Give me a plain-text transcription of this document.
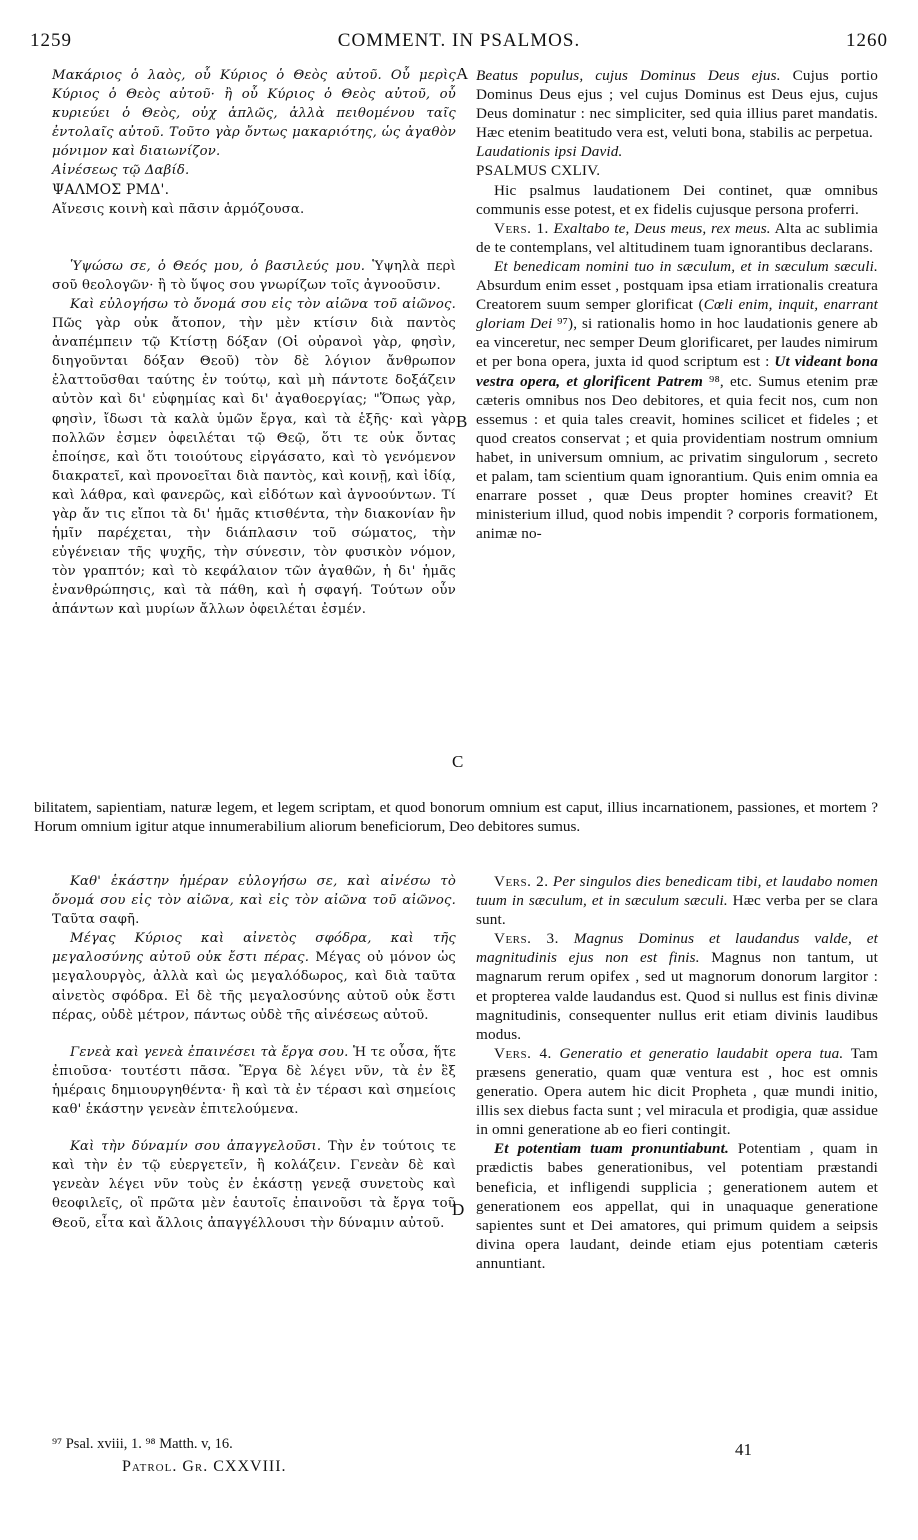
1259	COMMENT. IN PSALMOS.	1260
A
B
C
D

Μακάριος ὁ λαὸς, οὗ Κύριος ὁ Θεὸς αὐτοῦ. Οὗ μερὶς Κύριος ὁ Θεὸς αὐτοῦ· ἢ οὗ Κύριος ὁ Θεὸς αὐτοῦ, οὗ κυριεύει ὁ Θεὸς, οὐχ ἁπλῶς, ἀλλὰ πειθομένου ταῖς ἐντολαῖς αὐτοῦ. Τοῦτο γὰρ ὄντως μακαριότης, ὡς ἀγαθὸν μόνιμον καὶ διαιωνίζον.

Αἰνέσεως τῷ Δαβίδ.

ΨΑΛΜΟΣ ΡΜΔ'.

Αἴνεσις κοινὴ καὶ πᾶσιν ἁρμόζουσα.

Ὑψώσω σε, ὁ Θεός μου, ὁ βασιλεύς μου. Ὑψηλὰ περὶ σοῦ θεολογῶν· ἢ τὸ ὕψος σου γνωρίζων τοῖς ἀγνοοῦσιν.

Καὶ εὐλογήσω τὸ ὄνομά σου εἰς τὸν αἰῶνα τοῦ αἰῶνος. Πῶς γὰρ οὐκ ἄτοπον, τὴν μὲν κτίσιν διὰ παντὸς ἀναπέμπειν τῷ Κτίστῃ δόξαν (Οἱ οὐρανοὶ γὰρ, φησὶν, διηγοῦνται δόξαν Θεοῦ) τὸν δὲ λόγιον ἄνθρωπον ἐλαττοῦσθαι ταύτης ἐν τούτῳ, καὶ μὴ πάντοτε δοξάζειν αὐτὸν καὶ δι' εὐφημίας καὶ δι' ἀγαθοεργίας; "Ὅπως γὰρ, φησὶν, ἴδωσι τὰ καλὰ ὑμῶν ἔργα, καὶ τὰ ἑξῆς· καὶ γὰρ πολλῶν ἐσμεν ὀφειλέται τῷ Θεῷ, ὅτι τε οὐκ ὄντας ἐποίησε, καὶ ὅτι τοιούτους εἰργάσατο, καὶ τὸ γενόμενον διακρατεῖ, καὶ προνοεῖται διὰ παντὸς, καὶ κοινῇ, καὶ ἰδίᾳ, καὶ λάθρα, καὶ φανερῶς, καὶ εἰδότων καὶ ἀγνοούντων. Τί γὰρ ἄν τις εἴποι τὰ δι' ἡμᾶς κτισθέντα, τὴν διακονίαν ἣν ἡμῖν παρέχεται, τὴν διάπλασιν τοῦ σώματος, τὴν εὐγένειαν τῆς ψυχῆς, τὴν σύνεσιν, τὸν φυσικὸν νόμον, τὸν γραπτόν; καὶ τὸ κεφάλαιον τῶν ἀγαθῶν, ἡ δι' ἡμᾶς ἐνανθρώπησις, καὶ τὰ πάθη, καὶ ἡ σφαγή. Τούτων οὖν ἁπάντων καὶ μυρίων ἄλλων ὀφειλέται ἐσμέν.

Beatus populus, cujus Dominus Deus ejus. Cujus portio Dominus Deus ejus ; vel cujus Dominus est Deus ejus, cujus Deus dominatur : nec simpliciter, sed quia illius paret mandatis. Hæc etenim beatitudo vera est, veluti bona, stabilis ac perpetua.

Laudationis ipsi David.

PSALMUS CXLIV.

Hic psalmus laudationem Dei continet, quæ omnibus communis esse potest, et ex fidelis cujusque persona proferri.

Vers. 1. Exaltabo te, Deus meus, rex meus. Alta ac sublimia de te contemplans, vel altitudinem tuam ignorantibus declarans.

Et benedicam nomini tuo in sæculum, et in sæculum sæculi. Absurdum enim esset , postquam ipsa etiam irrationalis creatura Creatorem suum semper glorificat (Cœli enim, inquit, enarrant gloriam Dei ⁹⁷), si rationalis homo in hoc laudationis genere ab ea vinceretur, nec semper Deum glorificaret, per laudes nimirum et per bona opera, juxta id quod scriptum est : Ut videant bona vestra opera, et glorificent Patrem ⁹⁸, etc. Sumus etenim præ cæteris omnibus nos Deo debitores, et quia fecit nos, cum non essemus : et quia tales creavit, homines scilicet et fideles ; et quod creatos conservat ; et quia providentiam nostrum omnium habet, in universum omnium, ac privatim singulorum , secreto et palam, tam scientium quam ignorantium. Quis enim omnia ea enarrare posset , quæ Deus propter homines creavit? Et ministerium illud, quod nobis impendit ? corporis formationem, animæ no-

bilitatem, sapientiam, naturæ legem, et legem scriptam, et quod bonorum omnium est caput, illius incarnationem, passiones, et mortem ? Horum omnium igitur atque innumerabilium aliorum beneficiorum, Deo debitores sumus.

Καθ' ἑκάστην ἡμέραν εὐλογήσω σε, καὶ αἰνέσω τὸ ὄνομά σου εἰς τὸν αἰῶνα, καὶ εἰς τὸν αἰῶνα τοῦ αἰῶνος. Ταῦτα σαφῆ.

Μέγας Κύριος καὶ αἰνετὸς σφόδρα, καὶ τῆς μεγαλοσύνης αὐτοῦ οὐκ ἔστι πέρας. Μέγας οὐ μόνον ὡς μεγαλουργὸς, ἀλλὰ καὶ ὡς μεγαλόδωρος, καὶ διὰ ταῦτα αἰνετὸς σφόδρα. Εἰ δὲ τῆς μεγαλοσύνης αὐτοῦ οὐκ ἔστι πέρας, οὐδὲ μέτρον, πάντως οὐδὲ τῆς αἰνέσεως αὐτοῦ.

Γενεὰ καὶ γενεὰ ἐπαινέσει τὰ ἔργα σου. Ἡ τε οὖσα, ἥτε ἐπιοῦσα· τουτέστι πᾶσα. Ἔργα δὲ λέγει νῦν, τὰ ἐν ἓξ ἡμέραις δημιουργηθέντα· ἢ καὶ τὰ ἐν τέρασι καὶ σημείοις καθ' ἑκάστην γενεὰν ἐπιτελούμενα.

Καὶ τὴν δύναμίν σου ἀπαγγελοῦσι. Τὴν ἐν τούτοις τε καὶ τὴν ἐν τῷ εὐεργετεῖν, ἢ κολάζειν. Γενεὰν δὲ καὶ γενεὰν λέγει νῦν τοὺς ἐν ἑκάστῃ γενεᾷ συνετοὺς καὶ θεοφιλεῖς, οἳ πρῶτα μὲν ἑαυτοῖς ἐπαινοῦσι τὰ ἔργα τοῦ Θεοῦ, εἶτα καὶ ἄλλοις ἀπαγγέλλουσι τὴν δύναμιν αὐτοῦ.

Vers. 2. Per singulos dies benedicam tibi, et laudabo nomen tuum in sæculum, et in sæculum sæculi. Hæc verba per se clara sunt.

Vers. 3. Magnus Dominus et laudandus valde, et magnitudinis ejus non est finis. Magnus non tantum, ut magnarum rerum opifex , sed ut magnorum donorum largitor : et propterea valde laudandus est. Quod si nullus est finis divinæ magnitudinis, consequenter nullus erit etiam divinis laudibus modus.

Vers. 4. Generatio et generatio laudabit opera tua. Tam præsens generatio, quam quæ ventura est , hoc est omnis generatio. Opera autem hic dicit Propheta , quæ mundi initio, illis sex diebus facta sunt ; vel miracula et prodigia, quæ assidue in omni generatione ab eo fieri contingit.

Et potentiam tuam pronuntiabunt. Potentiam , quam in prædictis babes generationibus, vel potentiam præstandi beneficia, et infligendi supplicia ; generationem autem et generationem eos appellat, qui in unaquaque generatione sapientes sunt et Dei amatores, qui primum quidem a seipsis divina opera laudant, deinde etiam ejus potentiam cæteris annuntiant.

⁹⁷ Psal. xviii, 1. ⁹⁸ Matth. v, 16.
Patrol. Gr. CXXVIII.
41
